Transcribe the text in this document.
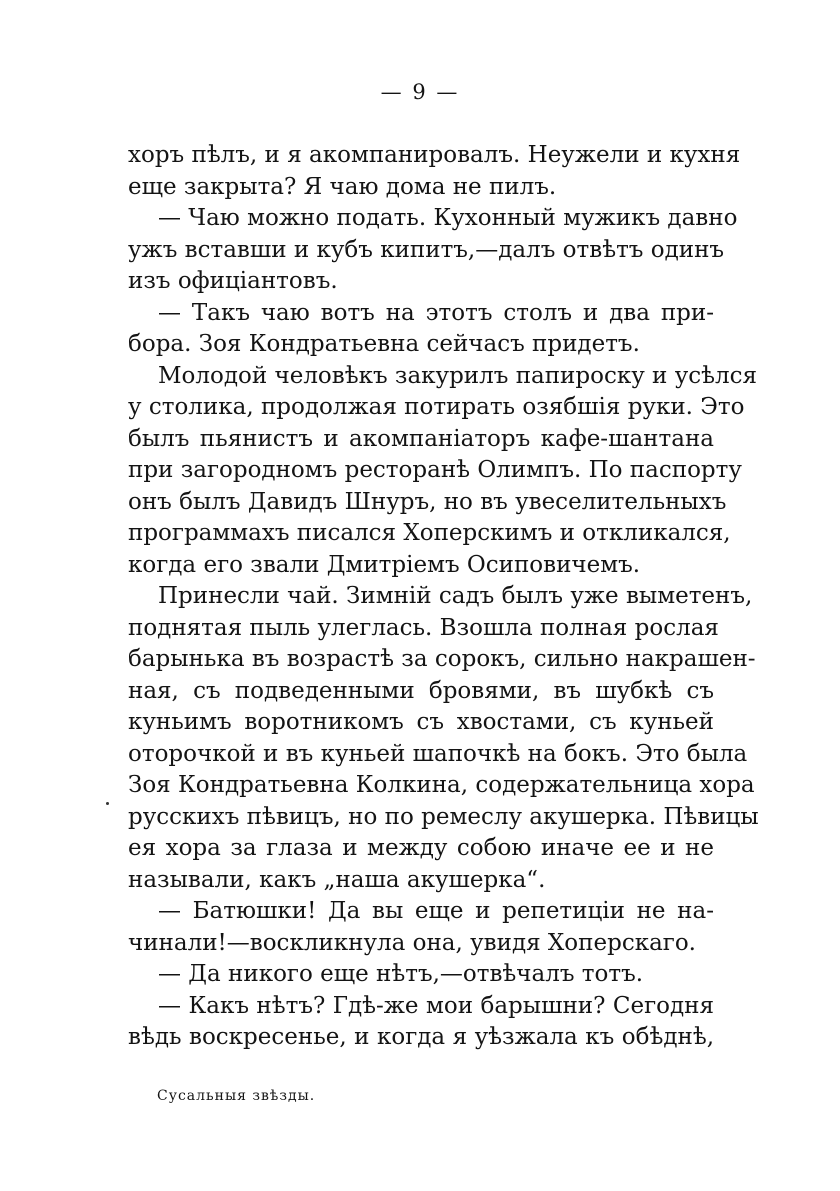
— 9 —
хоръ пѣлъ, и я акомпанировалъ. Неужели и кухня
еще закрыта? Я чаю дома не пилъ.
— Чаю можно подать. Кухонный мужикъ давно
ужъ вставши и кубъ кипитъ,—далъ отвѣтъ одинъ
изъ офиціантовъ.
— Такъ чаю вотъ на этотъ столъ и два при-
бора. Зоя Кондратьевна сейчасъ придетъ.
Молодой человѣкъ закурилъ папироску и усѣлся
у столика, продолжая потирать озябшія руки. Это
былъ пьянистъ и акомпаніаторъ кафе-шантана
при загородномъ ресторанѣ Олимпъ. По паспорту
онъ былъ Давидъ Шнуръ, но въ увеселительныхъ
программахъ писался Хоперскимъ и откликался,
когда его звали Дмитріемъ Осиповичемъ.
Принесли чай. Зимній садъ былъ уже выметенъ,
поднятая пыль улеглась. Взошла полная рослая
барынька въ возрастѣ за сорокъ, сильно накрашен-
ная, съ подведенными бровями, въ шубкѣ съ
куньимъ воротникомъ съ хвостами, съ куньей
оторочкой и въ куньей шапочкѣ на бокъ. Это была
Зоя Кондратьевна Колкина, содержательница хора
русскихъ пѣвицъ, но по ремеслу акушерка. Пѣвицы
ея хора за глаза и между собою иначе ее и не
называли, какъ „наша акушерка“.
— Батюшки! Да вы еще и репетиціи не на-
чинали!—воскликнула она, увидя Хоперскаго.
— Да никого еще нѣтъ,—отвѣчалъ тотъ.
— Какъ нѣтъ? Гдѣ-же мои барышни? Сегодня
вѣдь воскресенье, и когда я уѣзжала къ обѣднѣ,
Сусальныя звѣзды.
